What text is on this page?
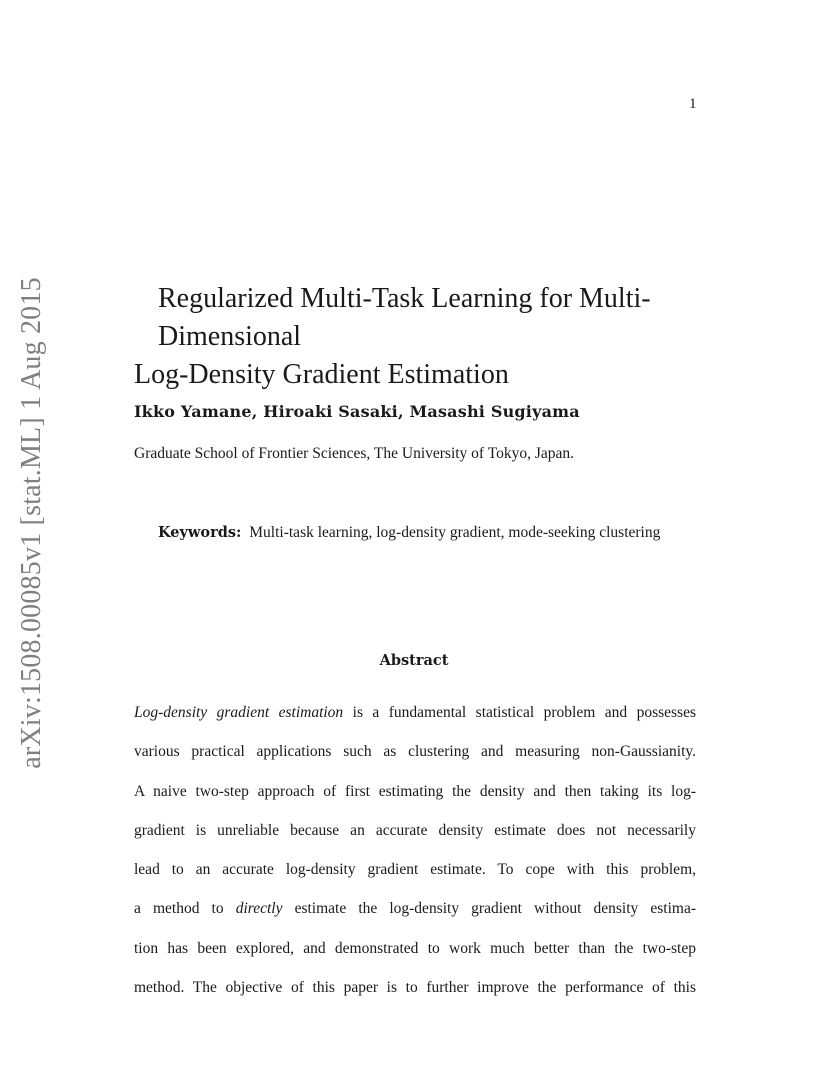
1
arXiv:1508.00085v1 [stat.ML] 1 Aug 2015	Regularized Multi-Task Learning for Multi-Dimensional
Log-Density Gradient Estimation
Ikko Yamane, Hiroaki Sasaki, Masashi Sugiyama
Graduate School of Frontier Sciences, The University of Tokyo, Japan.
Keywords: Multi-task learning, log-density gradient, mode-seeking clustering
Abstract
Log-density gradient estimation is a fundamental statistical problem and possesses
various practical applications such as clustering and measuring non-Gaussianity.
A naive two-step approach of first estimating the density and then taking its log-
gradient is unreliable because an accurate density estimate does not necessarily
lead to an accurate log-density gradient estimate. To cope with this problem,
a method to directly estimate the log-density gradient without density estima-
tion has been explored, and demonstrated to work much better than the two-step
method. The objective of this paper is to further improve the performance of this
